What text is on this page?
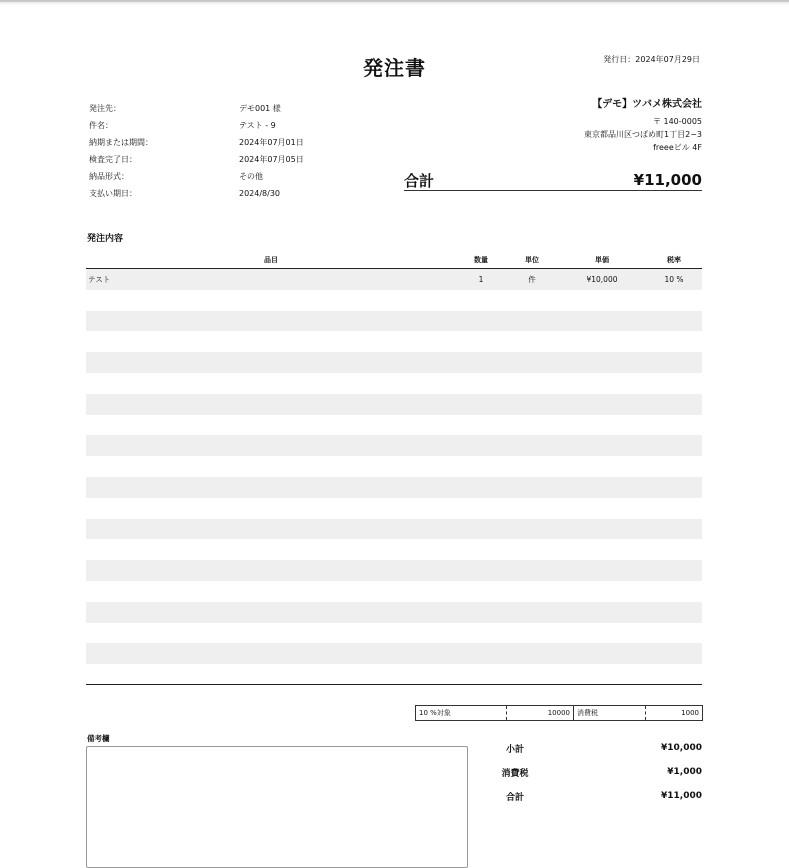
発注書	発行日：2024年07月29日
発注先：	デモ001 様
件名：	テスト - 9
納期または期間：	2024年07月01日
検査完了日：	2024年07月05日
納品形式：	その他
支払い期日：	2024/8/30
【デモ】ツバメ株式会社
〒 140-0005
東京都品川区つばめ町1丁目2−3
freeeビル 4F
合計	¥11,000
発注内容
品目	数量	単位	単価	税率
テスト	1	件	¥10,000	10 %
10 %対象	10000	消費税	1000
備考欄
小計	¥10,000
消費税	¥1,000
合計	¥11,000
